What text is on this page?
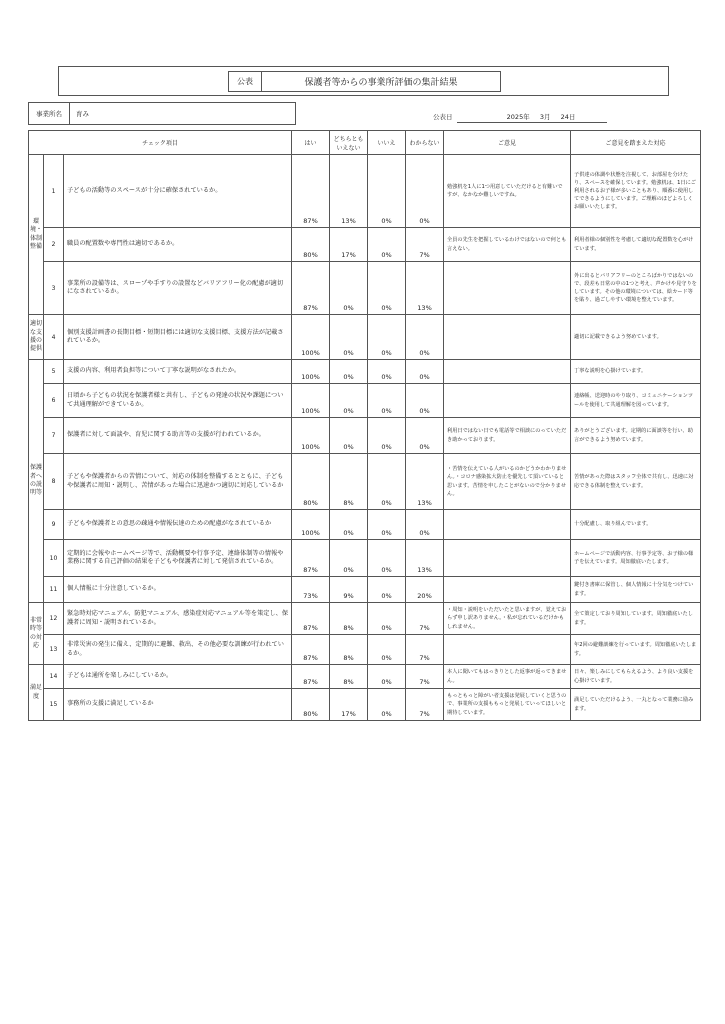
公表	保護者等からの事業所評価の集計結果
事業所名	育み	公表日	2025年 3月 24日
チェック項目			はい	どちらともいえない	いいえ	わからない	ご意見	ご意見を踏まえた対応
環境・体制整備	1	子どもの活動等のスペースが十分に確保されているか。	87%	13%	0%	0%	勉強机を1人に1つ用意していただけると有難いですが、なかなか難しいですね。	子供達の体調や状態を注視して、お部屋を分けたり、スペースを確保しています。勉強机は、1日にご利用されるお子様が多いこともあり、順番に使用してできるようにしています。ご理解のほどよろしくお願いいたします。
	2	職員の配置数や専門性は適切であるか。	80%	17%	0%	7%	全員の先生を把握しているわけではないので何とも言えない。	利用者様の個別性を考慮して適切な配置数を心がけています。
	3	事業所の設備等は、スロープや手すりの設置などバリアフリー化の配慮が適切になされているか。	87%	0%	0%	13%		外に出るとバリアフリーのところばかりではないので、段差も日常の中の1つと考え、声かけや見守りをしています。その他の環境については、絵カード等を貼り、過ごしやすい環境を整えています。
適切な支援の提供	4	個別支援計画書の長期目標・短期目標には適切な支援目標、支援方法が記載されているか。	100%	0%	0%	0%		適切に記載できるよう努めています。
保護者への説明等	5	支援の内容、利用者負担等について丁寧な説明がなされたか。	100%	0%	0%	0%		丁寧な説明を心掛けています。
	6	日頃から子どもの状況を保護者様と共有し、子どもの発達の状況や課題について共通理解ができているか。	100%	0%	0%	0%		連絡帳、送迎時のやり取り、コミュニケーションツールを使用して共通理解を図っています。
	7	保護者に対して面談や、育児に関する助言等の支援が行われているか。	100%	0%	0%	0%	利用日ではない日でも電話等で相談にのっていただき助かっております。	ありがとうございます。定期的に面談等を行い、助言ができるよう努めています。
	8	子どもや保護者からの苦情について、対応の体制を整備するとともに、子どもや保護者に周知・説明し、苦情があった場合に迅速かつ適切に対応しているか	80%	8%	0%	13%	・苦情を伝えている人がいるのかどうかわかりません。・コロナ感染拡大防止を優先して頂いていると思います。苦情を申したことがないので分かりません。	苦情があった際はスタッフ全体で共有し、迅速に対応できる体制を整えています。
	9	子どもや保護者との意思の疎通や情報伝達のための配慮がなされているか	100%	0%	0%	0%		十分配慮し、取り組んでいます。
	10	定期的に会報やホームページ等で、活動概要や行事予定、連絡体制等の情報や業務に関する自己評価の結果を子どもや保護者に対して発信されているか。	87%	0%	0%	13%		ホームページで活動内容、行事予定等、お子様の様子を伝えています。周知徹底いたします。
	11	個人情報に十分注意しているか。	73%	9%	0%	20%		鍵付き書庫に保管し、個人情報に十分気をつけています。
非常時等の対応	12	緊急時対応マニュアル、防犯マニュアル、感染症対応マニュアル等を策定し、保護者に周知・説明されているか。	87%	8%	0%	7%	・周知・説明をいただいたと思いますが、覚えておらず申し訳ありません。・私が忘れているだけかもしれません。	全て策定しており周知しています。周知徹底いたします。
	13	非常災害の発生に備え、定期的に避難、救出、その他必要な訓練が行われているか。	87%	8%	0%	7%		年2回の避難訓練を行っています。周知徹底いたします。
満足度	14	子どもは通所を楽しみにしているか。	87%	8%	0%	7%	本人に聞いてもはっきりとした返事が返ってきません。	日々、楽しみにしてもらえるよう、より良い支援を心掛けています。
	15	事務所の支援に満足しているか	80%	17%	0%	7%	もっともっと障がい者支援は発展していくと思うので、事業所の支援ももっと発展していってほしいと期待しています。	満足していただけるよう、一丸となって業務に励みます。
